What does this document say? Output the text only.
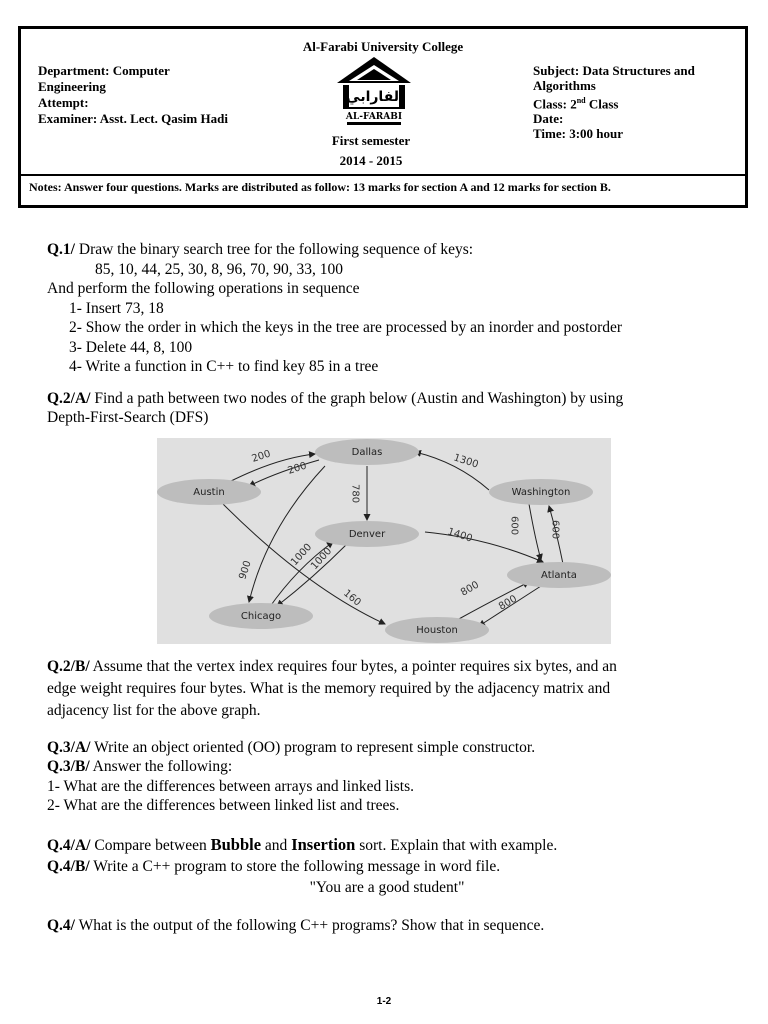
Al-Farabi University College
Department: Computer
Engineering
Attempt:
Examiner: Asst. Lect. Qasim Hadi
الفارابي
AL-FARABI
First semester
2014 - 2015
Subject: Data Structures and
Algorithms
Class: 2nd Class
Date:
Time: 3:00 hour
Notes: Answer four questions. Marks are distributed as follow: 13 marks for section A and 12 marks for section B.

Q.1/ Draw the binary search tree for the following sequence of keys:

85, 10, 44, 25, 30, 8, 96, 70, 90, 33, 100

And perform the following operations in sequence

1- Insert 73, 18

2- Show the order in which the keys in the tree are processed by an inorder and postorder

3- Delete 44, 8, 100

4- Write a function in C++ to find key 85 in a tree

Q.2/A/ Find a path between two nodes of the graph below (Austin and Washington) by using

Depth-First-Search (DFS)

200
200	1300
780
1400
600	600
900
1000
1000
160	800
800
Dallas
Austin	Washington
Denver
Atlanta
Chicago
Houston

Q.2/B/ Assume that the vertex index requires four bytes, a pointer requires six bytes, and an

edge weight requires four bytes. What is the memory required by the adjacency matrix and

adjacency list for the above graph.

Q.3/A/ Write an object oriented (OO) program to represent simple constructor.

Q.3/B/ Answer the following:

1- What are the differences between arrays and linked lists.

2- What are the differences between linked list and trees.

Q.4/A/ Compare between Bubble and Insertion sort. Explain that with example.

Q.4/B/ Write a C++ program to store the following message in word file.

"You are a good student"

Q.4/ What is the output of the following C++ programs? Show that in sequence.

1-2
